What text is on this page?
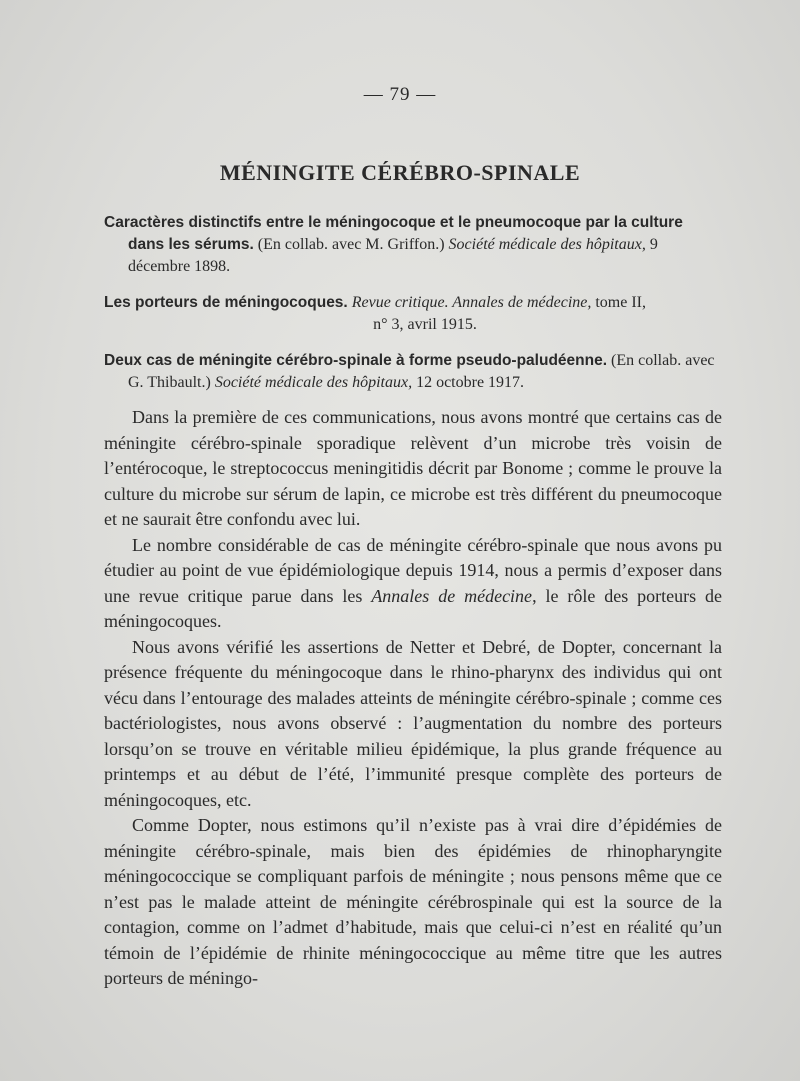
— 79 —
MÉNINGITE CÉRÉBRO-SPINALE

Caractères distinctifs entre le méningocoque et le pneumocoque par la culture dans les sérums. (En collab. avec M. Griffon.) Société médicale des hôpitaux, 9 décembre 1898.

Les porteurs de méningocoques. Revue critique. Annales de médecine, tome II,

n° 3, avril 1915.

Deux cas de méningite cérébro-spinale à forme pseudo-paludéenne. (En collab. avec G. Thibault.) Société médicale des hôpitaux, 12 octobre 1917.

Dans la première de ces communications, nous avons montré que certains cas de méningite cérébro-spinale sporadique relèvent d’un microbe très voisin de l’entérocoque, le streptococcus meningitidis décrit par Bonome ; comme le prouve la culture du microbe sur sérum de lapin, ce microbe est très différent du pneumocoque et ne saurait être confondu avec lui.

Le nombre considérable de cas de méningite cérébro-spinale que nous avons pu étudier au point de vue épidémiologique depuis 1914, nous a permis d’exposer dans une revue critique parue dans les Annales de médecine, le rôle des porteurs de méningocoques.

Nous avons vérifié les assertions de Netter et Debré, de Dopter, concernant la présence fréquente du méningocoque dans le rhino-pharynx des individus qui ont vécu dans l’entourage des malades atteints de méningite cérébro-spinale ; comme ces bactériologistes, nous avons observé : l’augmentation du nombre des porteurs lorsqu’on se trouve en véritable milieu épidémique, la plus grande fréquence au printemps et au début de l’été, l’immunité presque complète des porteurs de méningocoques, etc.

Comme Dopter, nous estimons qu’il n’existe pas à vrai dire d’épidémies de méningite cérébro-spinale, mais bien des épidémies de rhinopharyngite méningococcique se compliquant parfois de méningite ; nous pensons même que ce n’est pas le malade atteint de méningite cérébrospinale qui est la source de la contagion, comme on l’admet d’habitude, mais que celui-ci n’est en réalité qu’un témoin de l’épidémie de rhinite méningococcique au même titre que les autres porteurs de méningo-
